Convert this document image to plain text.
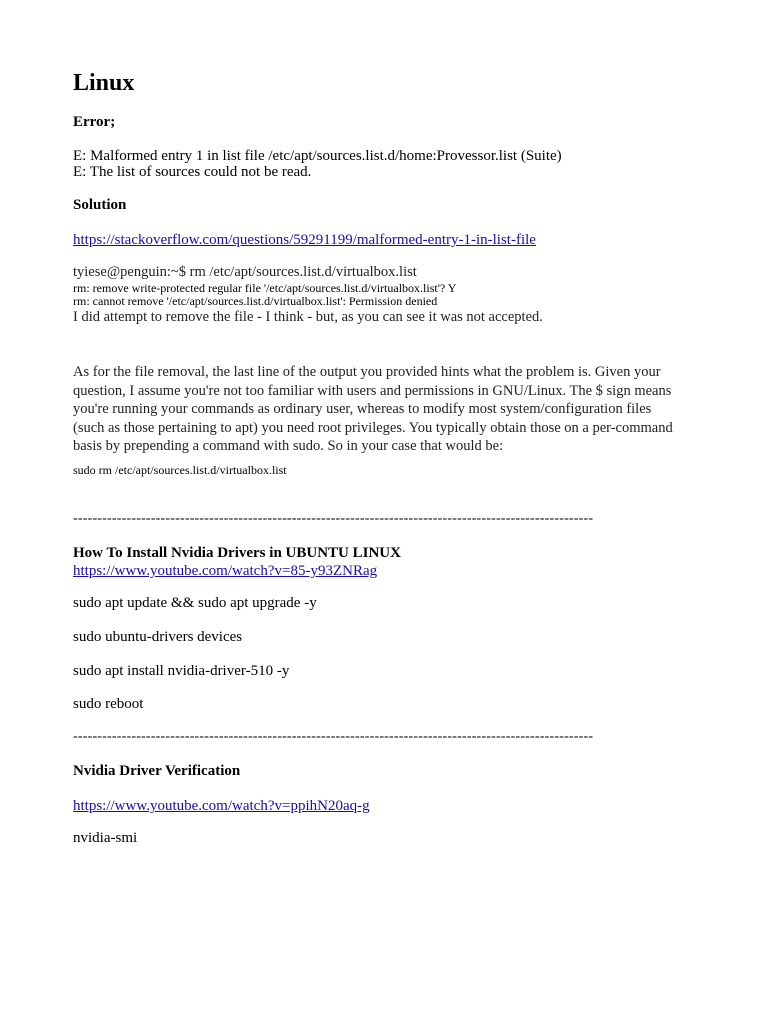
Linux
Error;
E: Malformed entry 1 in list file /etc/apt/sources.list.d/home:Provessor.list (Suite)
E: The list of sources could not be read.
Solution
https://stackoverflow.com/questions/59291199/malformed-entry-1-in-list-file
tyiese@penguin:~$ rm /etc/apt/sources.list.d/virtualbox.list
rm: remove write-protected regular file '/etc/apt/sources.list.d/virtualbox.list'? Y
rm: cannot remove '/etc/apt/sources.list.d/virtualbox.list': Permission denied
I did attempt to remove the file - I think - but, as you can see it was not accepted.
As for the file removal, the last line of the output you provided hints what the problem is. Given your
question, I assume you're not too familiar with users and permissions in GNU/Linux. The $ sign means
you're running your commands as ordinary user, whereas to modify most system/configuration files
(such as those pertaining to apt) you need root privileges. You typically obtain those on a per-command
basis by prepending a command with sudo. So in your case that would be:
sudo rm /etc/apt/sources.list.d/virtualbox.list
-----------------------------------------------------------------------------------------------------------
How To Install Nvidia Drivers in UBUNTU LINUX
https://www.youtube.com/watch?v=85-y93ZNRag
sudo apt update && sudo apt upgrade -y
sudo ubuntu-drivers devices
sudo apt install nvidia-driver-510 -y
sudo reboot
-----------------------------------------------------------------------------------------------------------
Nvidia Driver Verification
https://www.youtube.com/watch?v=ppihN20aq-g
nvidia-smi
